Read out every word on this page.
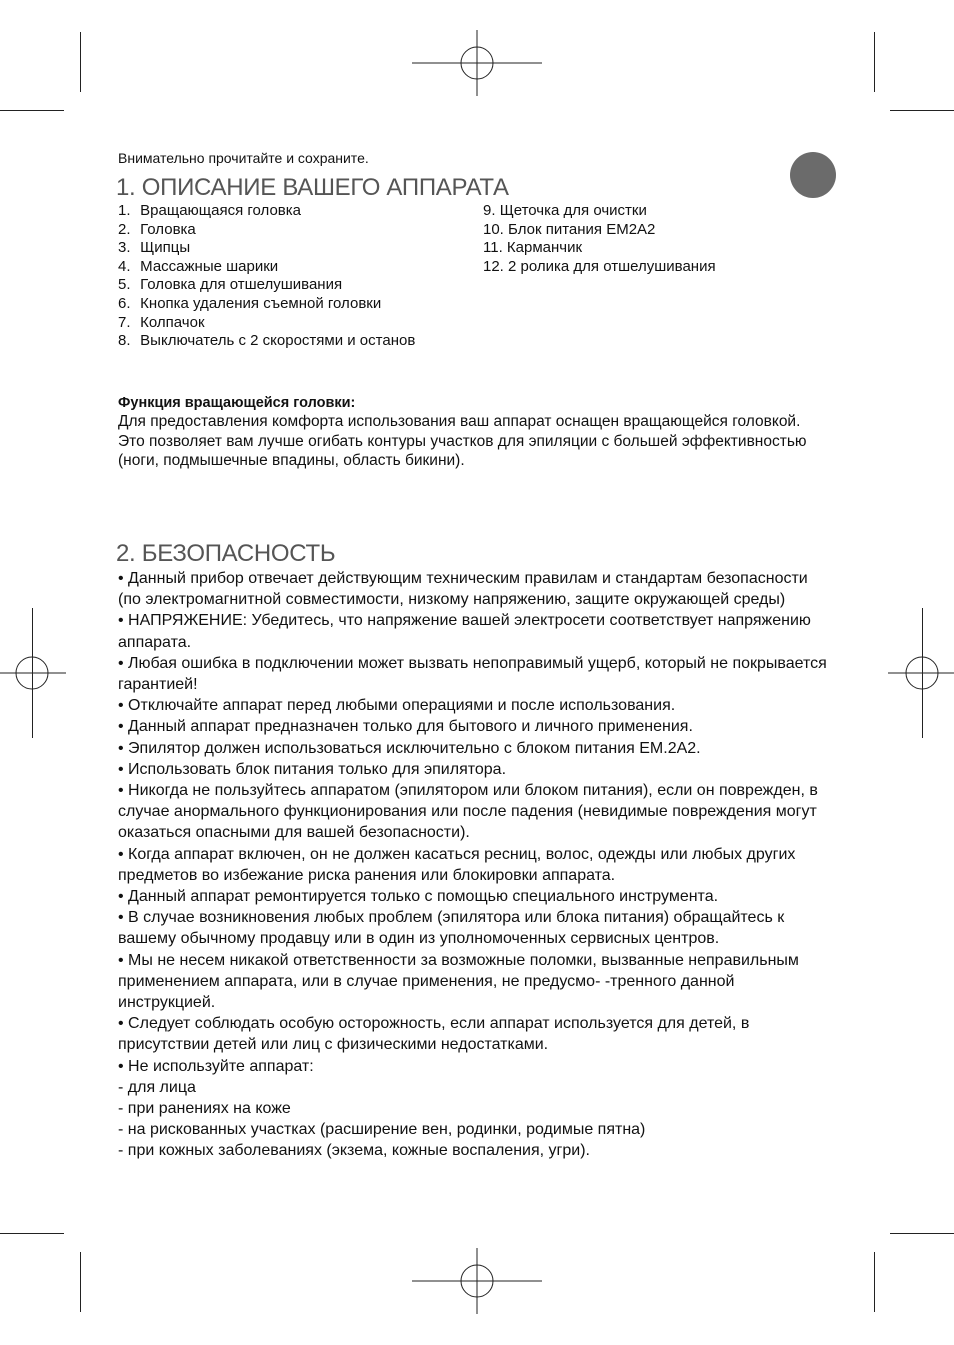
Внимательно прочитайте и сохраните.
1. ОПИСАНИЕ ВАШЕГО АППАРАТА
1. Вращающаяся головка
2. Головка
3. Щипцы
4. Массажные шарики
5. Головка для отшелушивания
6. Кнопка удаления съемной головки
7. Колпачок
8. Выключатель с 2 скоростями и останов
9. Щеточка для очистки
10. Блок питания EM2A2
11. Карманчик
12. 2 ролика для отшелушивания
Функция вращающейся головки:
Для предоставления комфорта использования ваш аппарат оснащен вращающейся головкой. Это позволяет вам лучше огибать контуры участков для эпиляции с большей эффективностью (ноги, подмышечные впадины, область бикини).
2. БЕЗОПАСНОСТЬ
• Данный прибор отвечает действующим техническим правилам и стандартам безопасности (по электромагнитной совместимости, низкому напряжению, защите окружающей среды)
• НАПРЯЖЕНИЕ: Убедитесь, что напряжение вашей электросети соответствует напряжению аппарата.
• Любая ошибка в подключении может вызвать непоправимый ущерб, который не покрывается гарантией!
• Отключайте аппарат перед любыми операциями и после использования.
• Данный аппарат предназначен только для бытового и личного применения.
• Эпилятор должен использоваться исключительно с блоком питания EM.2A2.
• Использовать блок питания только для эпилятора.
• Никогда не пользуйтесь аппаратом (эпилятором или блоком питания), если он поврежден, в случае анормального функционирования или после падения (невидимые повреждения могут оказаться опасными для вашей безопасности).
• Когда аппарат включен, он не должен касаться ресниц, волос, одежды или любых других предметов во избежание риска ранения или блокировки аппарата.
• Данный аппарат ремонтируется только с помощью специального инструмента.
• В случае возникновения любых проблем (эпилятора или блока питания) обращайтесь к вашему обычному продавцу или в один из уполномоченных сервисных центров.
• Мы не несем никакой ответственности за возможные поломки, вызванные неправильным применением аппарата, или в случае применения, не предусмо- -тренного данной инструкцией.
• Следует соблюдать особую осторожность, если аппарат используется для детей, в присутствии детей или лиц с физическими недостатками.
• Не используйте аппарат:
- для лица
- при ранениях на коже
- на рискованных участках (расширение вен, родинки, родимые пятна)
- при кожных заболеваниях (экзема, кожные воспаления, угри).
